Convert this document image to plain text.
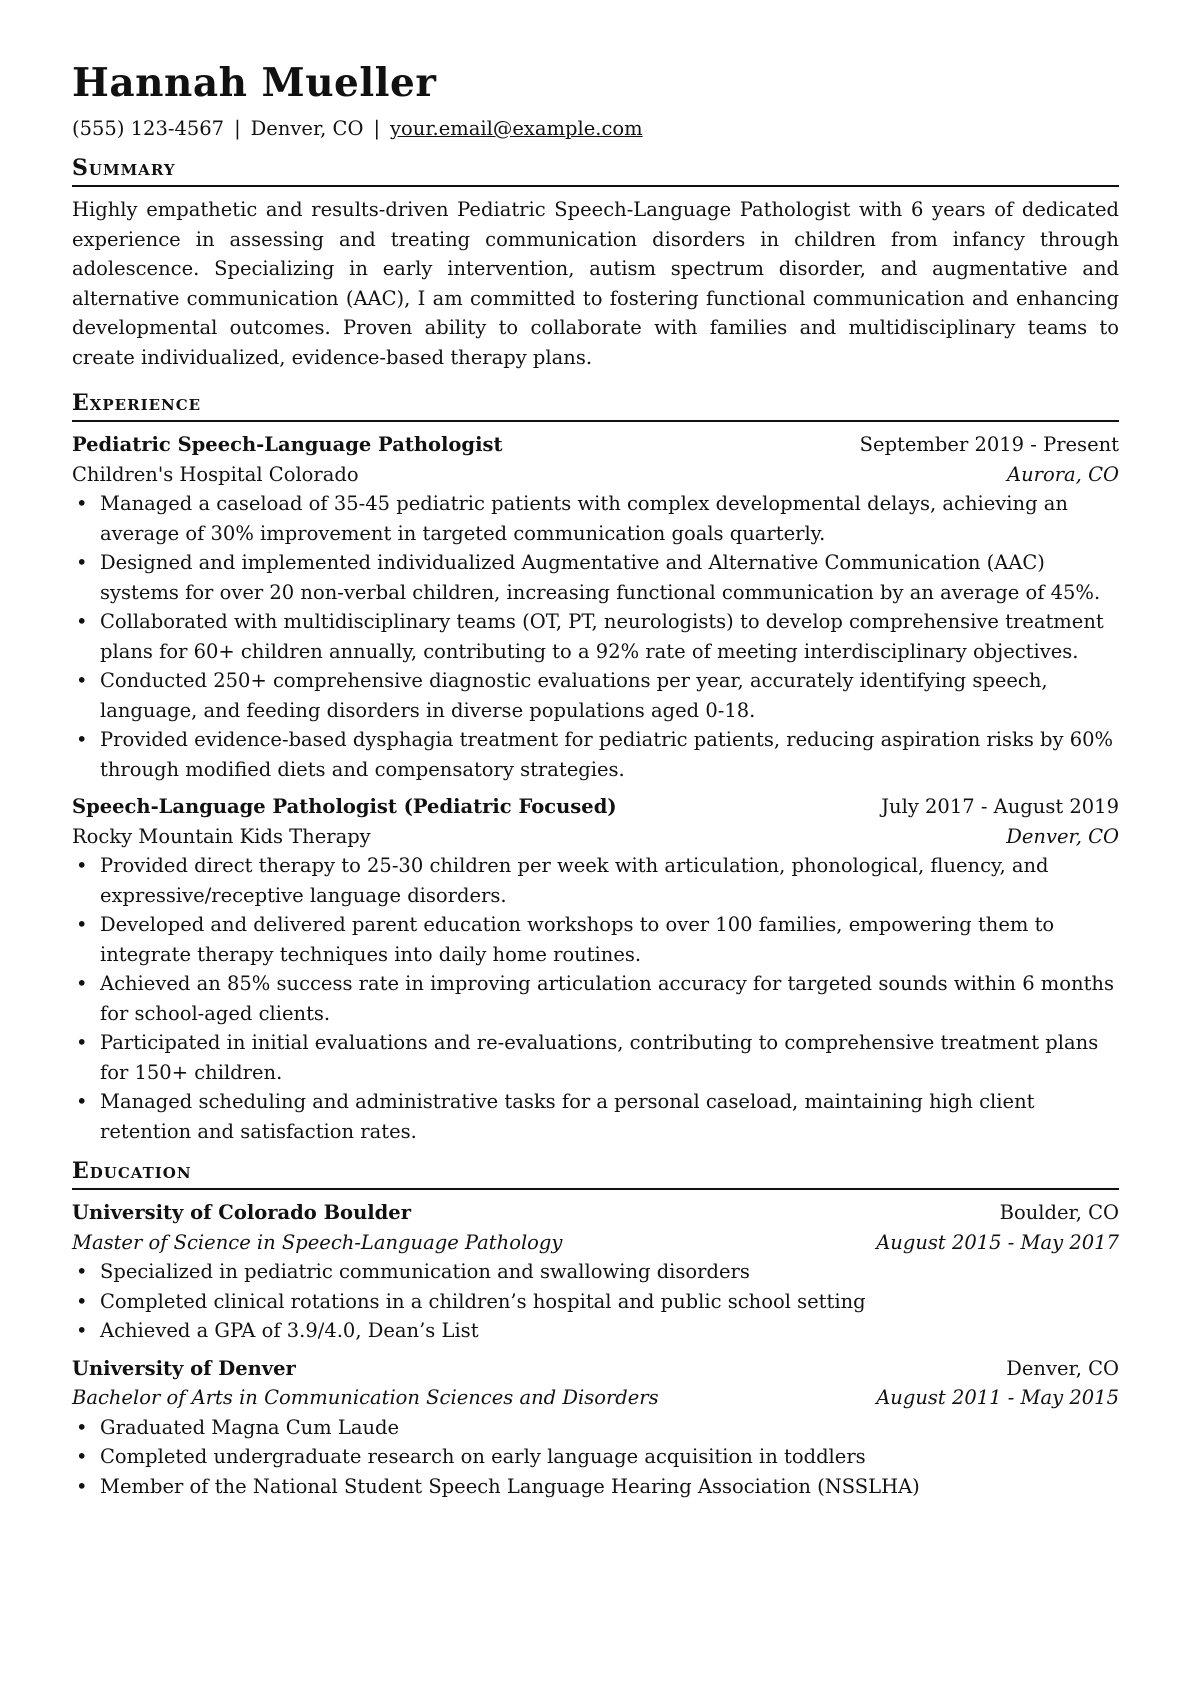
Hannah Mueller
(555) 123-4567 | Denver, CO | your.email@example.com
Summary

Highly empathetic and results-driven Pediatric Speech-Language Pathologist with 6 years of dedicated experience in assessing and treating communication disorders in children from infancy through adolescence. Specializing in early intervention, autism spectrum disorder, and augmentative and alternative communication (AAC), I am committed to fostering functional communication and enhancing developmental outcomes. Proven ability to collaborate with families and multidisciplinary teams to create individualized, evidence-based therapy plans.

Experience
Pediatric Speech-Language Pathologist	September 2019 - Present
Children's Hospital Colorado	Aurora, CO
• Managed a caseload of 35-45 pediatric patients with complex developmental delays, achieving an average of 30% improvement in targeted communication goals quarterly.
• Designed and implemented individualized Augmentative and Alternative Communication (AAC) systems for over 20 non-verbal children, increasing functional communication by an average of 45%.
• Collaborated with multidisciplinary teams (OT, PT, neurologists) to develop comprehensive treatment plans for 60+ children annually, contributing to a 92% rate of meeting interdisciplinary objectives.
• Conducted 250+ comprehensive diagnostic evaluations per year, accurately identifying speech, language, and feeding disorders in diverse populations aged 0-18.
• Provided evidence-based dysphagia treatment for pediatric patients, reducing aspiration risks by 60% through modified diets and compensatory strategies.
Speech-Language Pathologist (Pediatric Focused)	July 2017 - August 2019
Rocky Mountain Kids Therapy	Denver, CO
• Provided direct therapy to 25-30 children per week with articulation, phonological, fluency, and expressive/receptive language disorders.
• Developed and delivered parent education workshops to over 100 families, empowering them to integrate therapy techniques into daily home routines.
• Achieved an 85% success rate in improving articulation accuracy for targeted sounds within 6 months for school-aged clients.
• Participated in initial evaluations and re-evaluations, contributing to comprehensive treatment plans for 150+ children.
• Managed scheduling and administrative tasks for a personal caseload, maintaining high client retention and satisfaction rates.
Education
University of Colorado Boulder	Boulder, CO
Master of Science in Speech-Language Pathology	August 2015 - May 2017
• Specialized in pediatric communication and swallowing disorders
• Completed clinical rotations in a children’s hospital and public school setting
• Achieved a GPA of 3.9/4.0, Dean’s List
University of Denver	Denver, CO
Bachelor of Arts in Communication Sciences and Disorders	August 2011 - May 2015
• Graduated Magna Cum Laude
• Completed undergraduate research on early language acquisition in toddlers
• Member of the National Student Speech Language Hearing Association (NSSLHA)
